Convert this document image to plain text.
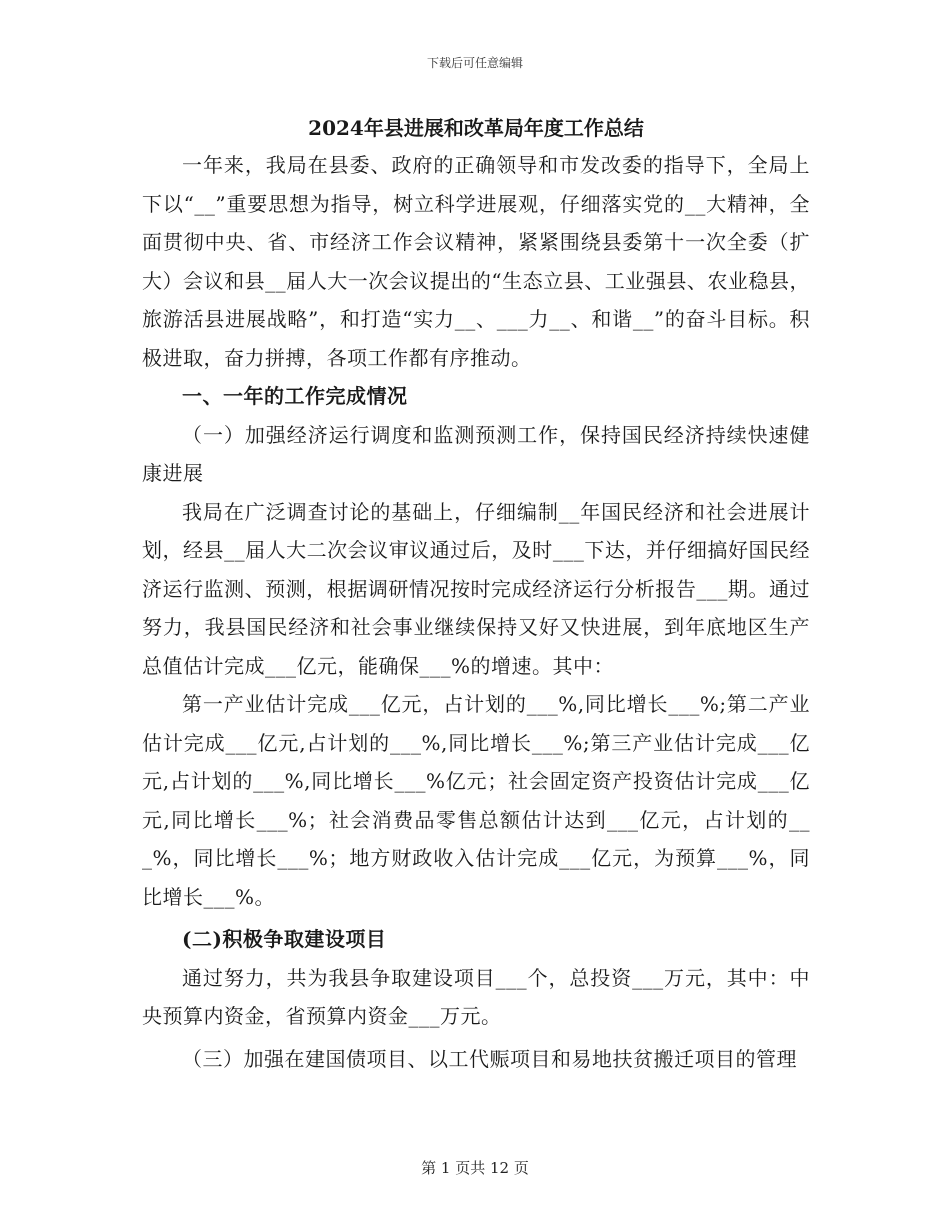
下载后可任意编辑
2024年县进展和改革局年度工作总结

一年来，我局在县委、政府的正确领导和市发改委的指导下，全局上下以“__”重要思想为指导，树立科学进展观，仔细落实党的__大精神，全面贯彻中央、省、市经济工作会议精神，紧紧围绕县委第十一次全委（扩大）会议和县__届人大一次会议提出的“生态立县、工业强县、农业稳县，旅游活县进展战略”，和打造“实力__、___力__、和谐__”的奋斗目标。积极进取，奋力拼搏，各项工作都有序推动。

一、一年的工作完成情况

（一）加强经济运行调度和监测预测工作，保持国民经济持续快速健康进展

我局在广泛调查讨论的基础上，仔细编制__年国民经济和社会进展计划，经县__届人大二次会议审议通过后，及时___下达，并仔细搞好国民经济运行监测、预测，根据调研情况按时完成经济运行分析报告___期。通过努力，我县国民经济和社会事业继续保持又好又快进展，到年底地区生产总值估计完成___亿元，能确保___%的增速。其中：

第一产业估计完成___亿元，占计划的___%,同比增长___%;第二产业估计完成___亿元,占计划的___%,同比增长___%;第三产业估计完成___亿元,占计划的___%,同比增长___%亿元；社会固定资产投资估计完成___亿元,同比增长___%；社会消费品零售总额估计达到___亿元，占计划的___%，同比增长___%；地方财政收入估计完成___亿元，为预算___%，同比增长___%。

(二)积极争取建设项目

通过努力，共为我县争取建设项目___个，总投资___万元，其中：中央预算内资金，省预算内资金___万元。

（三）加强在建国债项目、以工代赈项目和易地扶贫搬迁项目的管理

第 1 页共 12 页
